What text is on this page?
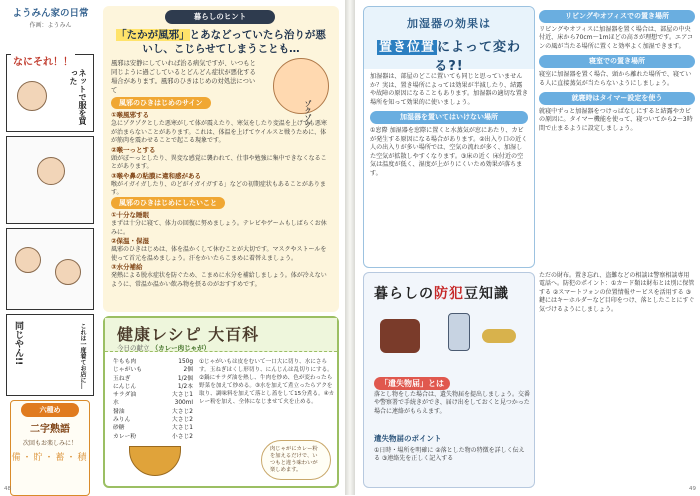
ようみん家の日常
作画：ようみん
なにそれ！！
ネットで服を買った
同じやん!!	これは一度着てお店に…
六種め
二字熟語
次回もお楽しみに！
備・貯・蓄・積
暮らしのヒント
「たかが風邪」とあなどっていたら治りが悪いし、こじらせてしまうことも…
風邪は安静にしていれば治る病気ですが、いつもと同じように過ごしているとどんどん症状が悪化する場合があります。風邪のひきはじめの対処法について
ゾクゾク
風邪のひきはじめのサイン
①喉風邪する
急にゾクゾクとした悪寒がして体が震えたり、寒気をしたり変温を上げても悪寒が治まらないことがあります。これは、体温を上げてウイルスと戦うために、体が筋肉を震わせることで起こる現象です。
②喉一っとする
頭がぼーっとしたり、異変な感覚に襲われて、仕事や勉強に集中できなくなることがあります。
③喉や鼻の粘膜に違和感がある
喉がイガイガしたり、のどがイガイガする」などの初期症状もあることがあります。
風邪のひきはじめにしたいこと
①十分な睡眠
まずは十分に寝て、体力の回復に努めましょう。テレビやゲームもしばらくお休みに。
②保温・保湿
風邪のひきはじめは、体を温かくして休むことが大切です。マスクやストールを使って首元を温めましょう。汗をかいたらこまめに着替えましょう。
③水分補給
発熱による脱水症状を防ぐため、こまめに水分を補給しましょう。体が冷えないように、常温か温かい飲み物を摂るのがおすすめです。
健康レシピ 大百科
今日の献立 （カレー肉じゃが）
牛もも肉	150g
じゃがいも	2個
玉ねぎ	1/2個
にんじん	1/2本
サラダ油	大さじ1
水	300ml
醤油	大さじ2
みりん	大さじ2
砂糖	大さじ1
カレー粉	小さじ2
①じゃがいもは皮をむいて一口大に切り、水にさらす。玉ねぎはくし形切り、にんじんは乱切りにする。②鍋にサラダ油を熱し、牛肉を炒め、色が変わったら野菜を加えて炒める。③水を加えて煮立ったらアクを取り、調味料を加えて落とし蓋をして15分煮る。④カレー粉を加え、全体になじませて火を止める。
肉じゃがにカレー粉を加えるだけで、いつもと違う味わいが楽しめます。
48
加湿器の効果は
置き位置 によって変わる?!
加湿器は、部屋のどこに置いても同じと思っていませんか？実は、置き場所によっては効果が半減したり、結露や故障の原因になることもあります。加湿器の適切な置き場所を知って効果的に使いましょう。
加湿器を置いてはいけない場所
①窓際 加湿器を窓際に置くと水蒸気が窓にあたり、カビが発生する原因になる場合があります。②出入り口の近く 人の出入りが多い場所では、空気の流れが多く、加湿した空気が拡散しやすくなります。③床の近く 床付近の空気は温度が低く、湿度が上がりにくいため効果が落ちます。
リビングやオフィスでの置き場所
リビングやオフィスに加湿器を置く場合は、部屋の中央付近、床から70cm〜1mほどの高さが理想です。エアコンの風が当たる場所に置くと効率よく加湿できます。
寝室での置き場所
寝室に加湿器を置く場合、頭から離れた場所で、寝ている人に直接蒸気が当たらないようにしましょう。
就寝時はタイマー設定を使う
就寝中ずっと加湿器をつけっぱなしにすると結露やカビの原因に。タイマー機能を使って、寝ついてから2〜3時間で止まるように設定しましょう。
暮らしの防犯豆知識
「遺失物届」とは
落とし物をした場合は、遺失物届を提出しましょう。交番や警察署で手続きができ、届け出をしておくと見つかった場合に連絡がもらえます。
遺失物届のポイント
①日時・場所を明確に ②落とした物の特徴を詳しく伝える ③連絡先を正しく記入する
ただの財布。置き忘れ、盗難などの相談は警察相談専用電話へ。防犯のポイント：①カード類は財布とは別に保管する ②スマートフォンの位置情報サービスを活用する ③鍵にはキーホルダーなど目印をつけ、落としたことにすぐ気づけるようにしましょう。
49
